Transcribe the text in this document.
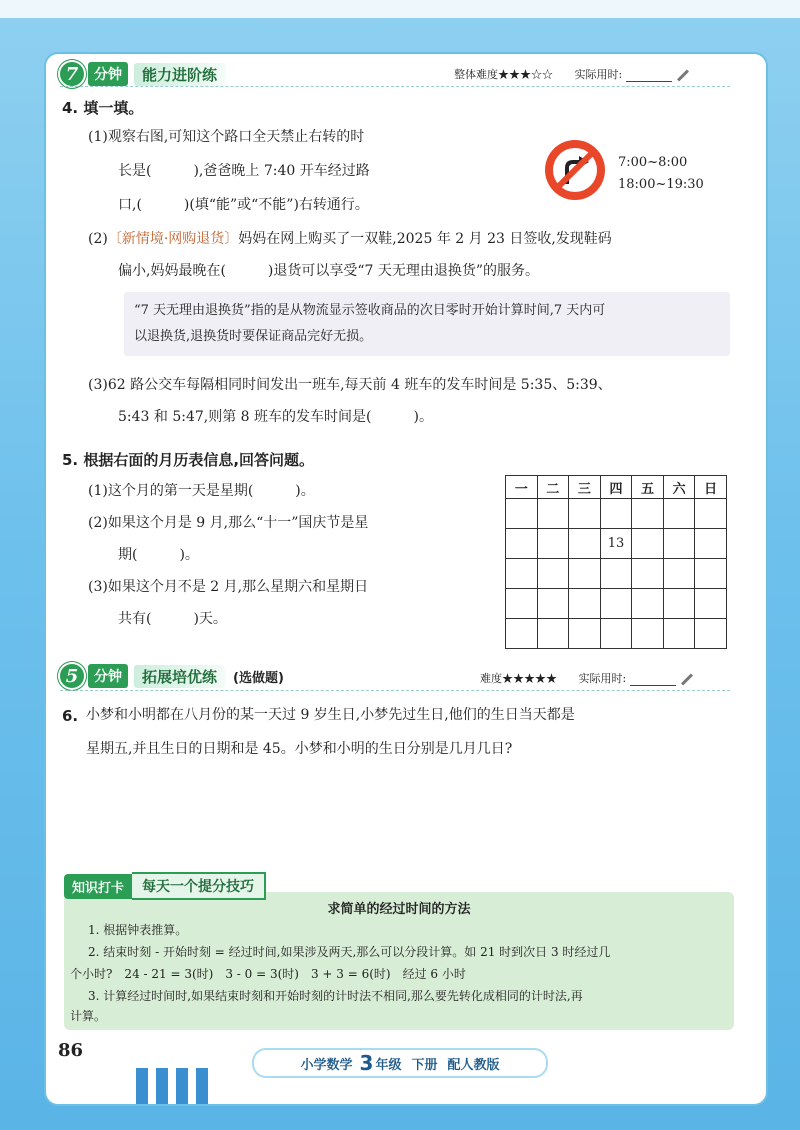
7	分钟	能力进阶练	整体难度★★★☆☆ 实际用时:
4. 填一填。
(1)观察右图,可知这个路口全天禁止右转的时
长是(　　　),爸爸晚上 7:40 开车经过路
口,(　　　)(填“能”或“不能”)右转通行。
7:00~8:00
18:00~19:30
(2)〔新情境·网购退货〕妈妈在网上购买了一双鞋,2025 年 2 月 23 日签收,发现鞋码
偏小,妈妈最晚在(　　　)退货可以享受“7 天无理由退换货”的服务。
“7 天无理由退换货”指的是从物流显示签收商品的次日零时开始计算时间,7 天内可
以退换货,退换货时要保证商品完好无损。
(3)62 路公交车每隔相同时间发出一班车,每天前 4 班车的发车时间是 5:35、5:39、
5:43 和 5:47,则第 8 班车的发车时间是(　　　)。
5. 根据右面的月历表信息,回答问题。
(1)这个月的第一天是星期(　　　)。
(2)如果这个月是 9 月,那么“十一”国庆节是星
期(　　　)。
(3)如果这个月不是 2 月,那么星期六和星期日
共有(　　　)天。
一	二	三	四	五	六	日

			13			

5	分钟	拓展培优练	(选做题)	难度★★★★★ 实际用时:
6. 小梦和小明都在八月份的某一天过 9 岁生日,小梦先过生日,他们的生日当天都是
星期五,并且生日的日期和是 45。小梦和小明的生日分别是几月几日?
求简单的经过时间的方法
1. 根据钟表推算。
2. 结束时刻 - 开始时刻 = 经过时间,如果涉及两天,那么可以分段计算。如 21 时到次日 3 时经过几
个小时?　24 - 21 = 3(时)　3 - 0 = 3(时)　3 + 3 = 6(时)　经过 6 小时
3. 计算经过时间时,如果结束时刻和开始时刻的计时法不相同,那么要先转化成相同的计时法,再
计算。
知识打卡	每天一个提分技巧
86
小学数学 3 年级 下册 配人教版
